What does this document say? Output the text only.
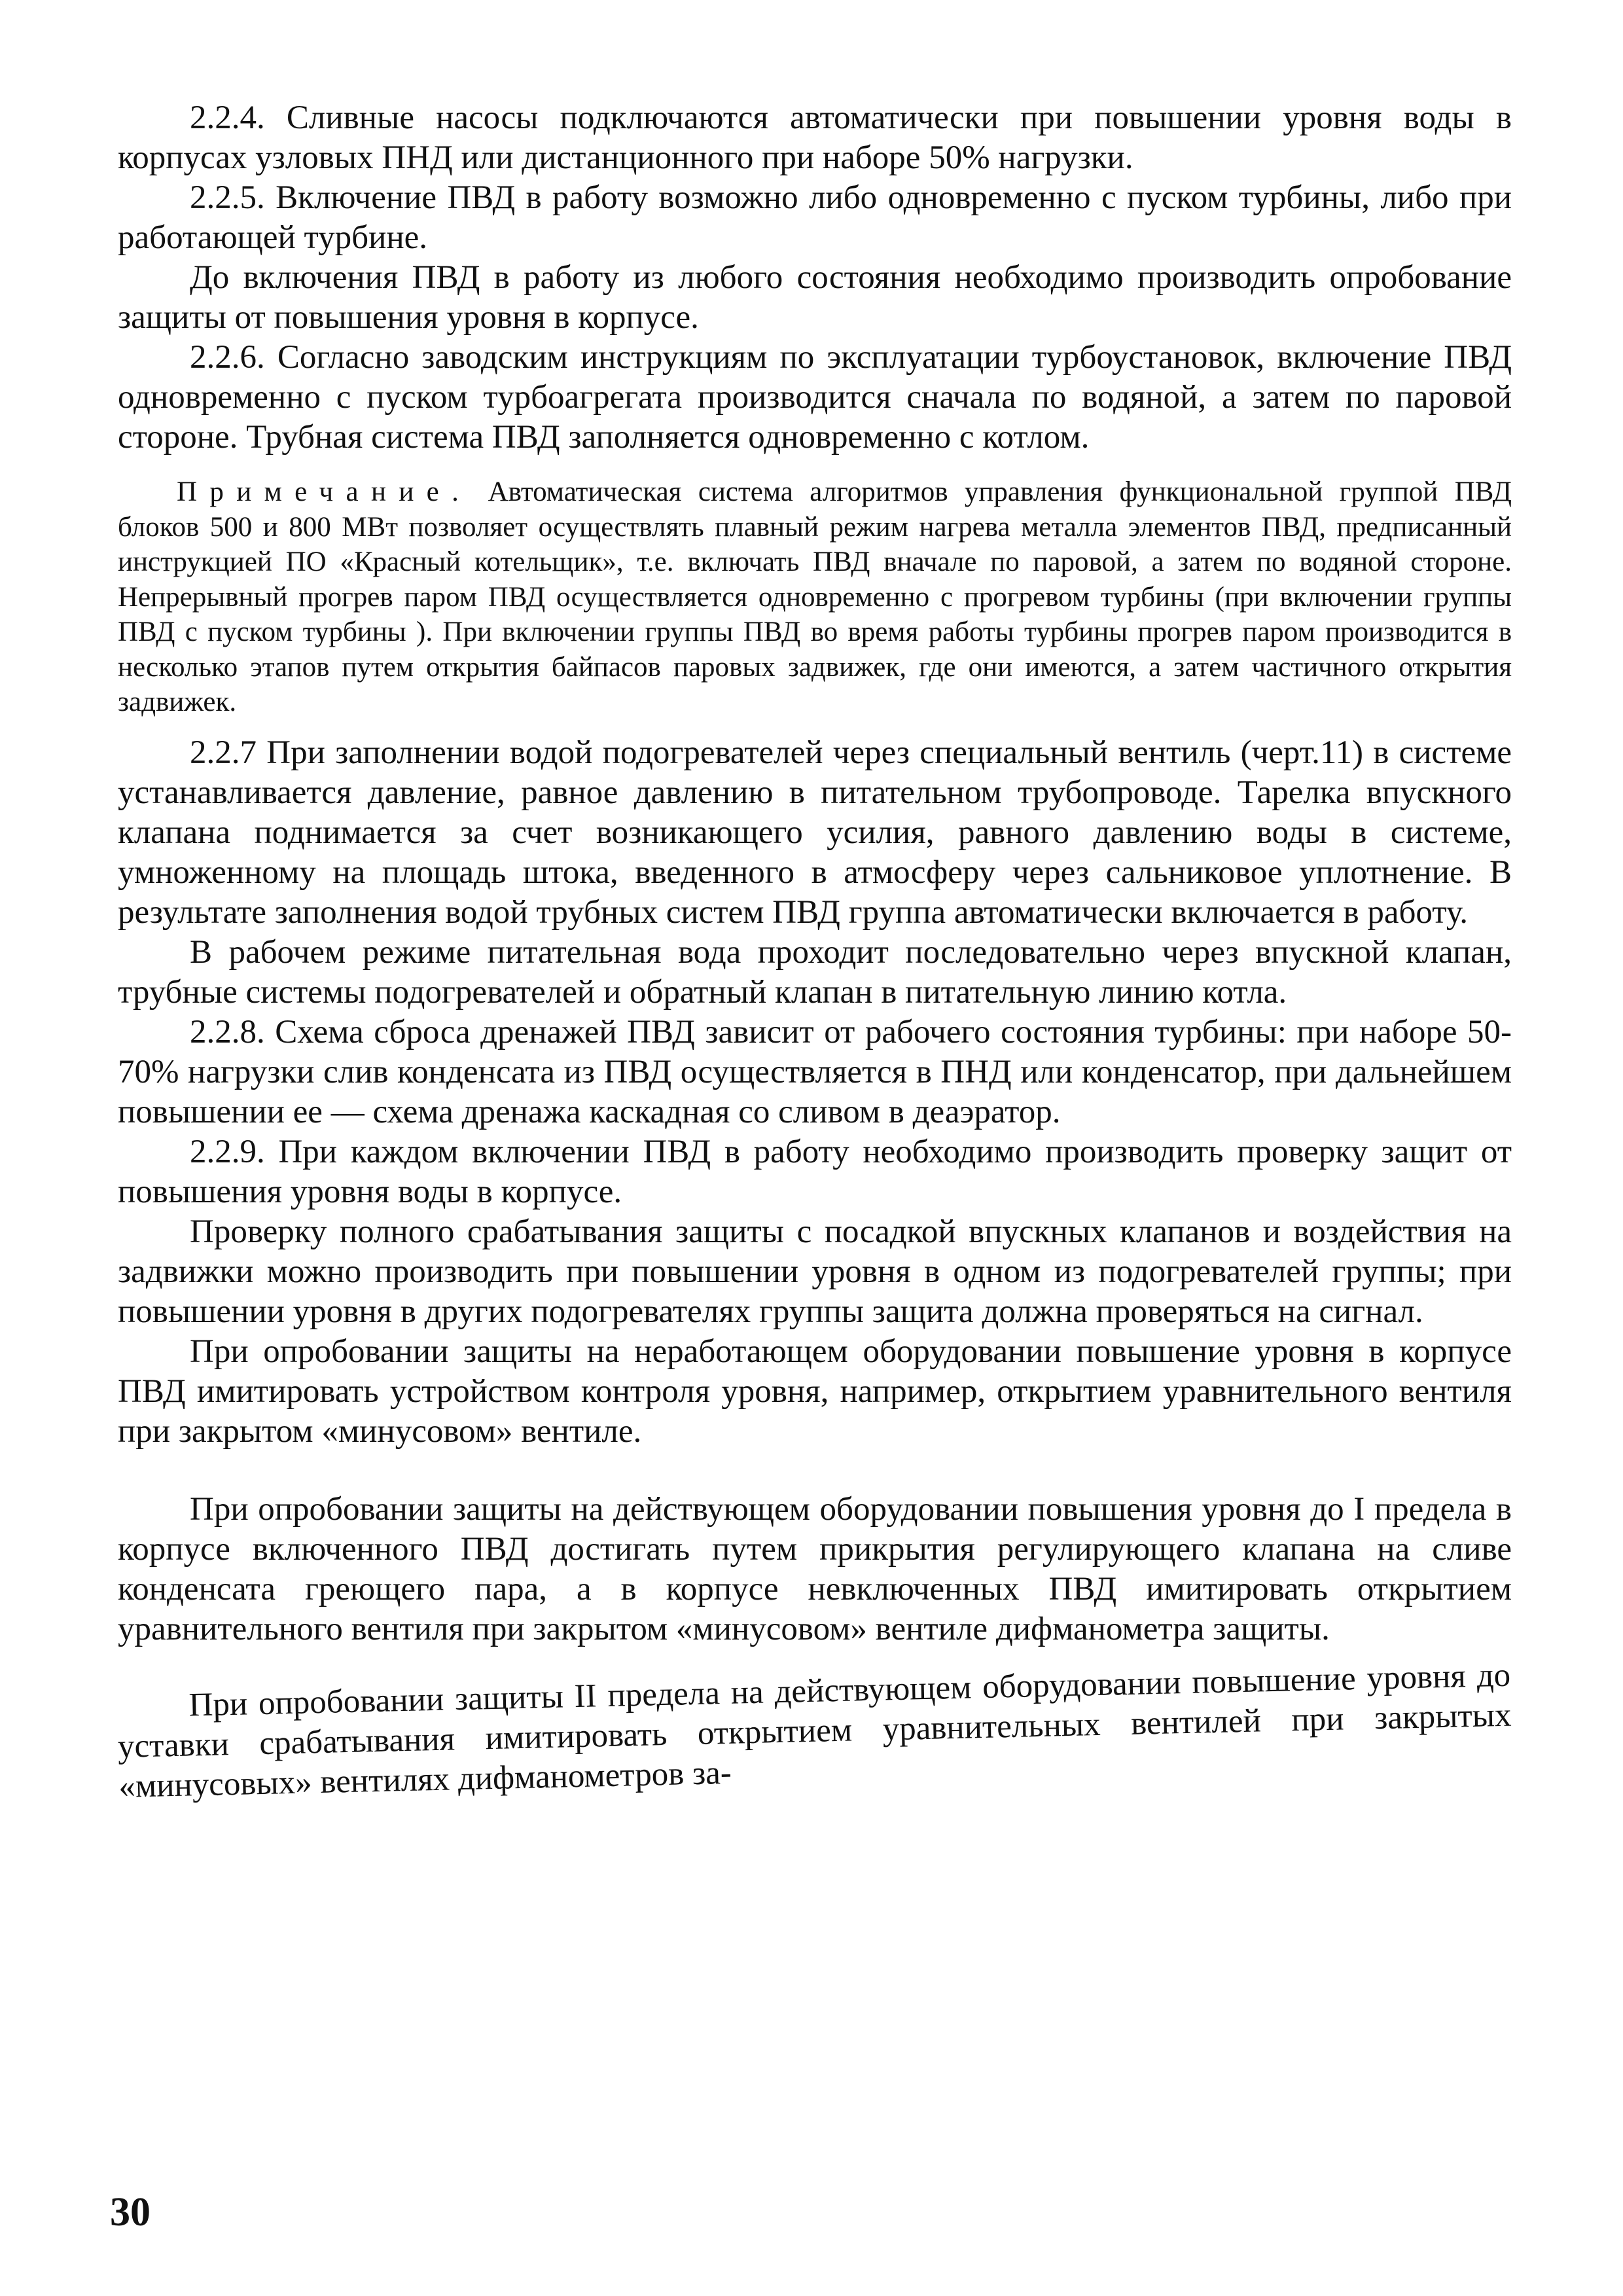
2.2.4. Сливные насосы подключаются автоматически при повышении уровня воды в корпусах узловых ПНД или дистанционного при наборе 50% нагрузки.

2.2.5. Включение ПВД в работу возможно либо одновременно с пуском турбины, либо при работающей турбине.

До включения ПВД в работу из любого состояния необходимо производить опробование защиты от повышения уровня в корпусе.

2.2.6. Согласно заводским инструкциям по эксплуатации турбоустановок, включение ПВД одновременно с пуском турбоагрегата производится сначала по водяной, а затем по паровой стороне. Трубная система ПВД заполняется одновременно с котлом.

Примечание. Автоматическая система алгоритмов управления функциональной группой ПВД блоков 500 и 800 МВт позволяет осуществлять плавный режим нагрева металла элементов ПВД, предписанный инструкцией ПО «Красный котельщик», т.е. включать ПВД вначале по паровой, а затем по водяной стороне. Непрерывный прогрев паром ПВД осуществляется одновременно с прогревом турбины (при включении группы ПВД с пуском турбины ). При включении группы ПВД во время работы турбины прогрев паром производится в несколько этапов путем открытия байпасов паровых задвижек, где они имеются, а затем частичного открытия задвижек.

2.2.7 При заполнении водой подогревателей через специальный вентиль (черт.11) в системе устанавливается давление, равное давлению в питательном трубопроводе. Тарелка впускного клапана поднимается за счет возникающего усилия, равного давлению воды в системе, умноженному на площадь штока, введенного в атмосферу через сальниковое уплотнение. В результате заполнения водой трубных систем ПВД группа автоматически включается в работу.

В рабочем режиме питательная вода проходит последовательно через впускной клапан, трубные системы подогревателей и обратный клапан в питательную линию котла.

2.2.8. Схема сброса дренажей ПВД зависит от рабочего состояния турбины: при наборе 50-70% нагрузки слив конденсата из ПВД осуществляется в ПНД или конденсатор, при дальнейшем повышении ее — схема дренажа каскадная со сливом в деаэратор.

2.2.9. При каждом включении ПВД в работу необходимо производить проверку защит от повышения уровня воды в корпусе.

Проверку полного срабатывания защиты с посадкой впускных клапанов и воздействия на задвижки можно производить при повышении уровня в одном из подогревателей группы; при повышении уровня в других подогревателях группы защита должна проверяться на сигнал.

При опробовании защиты на неработающем оборудовании повышение уровня в корпусе ПВД имитировать устройством контроля уровня, например, открытием уравнительного вентиля при закрытом «минусовом» вентиле.

При опробовании защиты на действующем оборудовании повышения уровня до I предела в корпусе включенного ПВД достигать путем прикрытия регулирующего клапана на сливе конденсата греющего пара, а в корпусе невключенных ПВД имитировать открытием уравнительного вентиля при закрытом «минусовом» вентиле дифманометра защиты.

При опробовании защиты II предела на действующем оборудовании повышение уровня до уставки срабатывания имитировать открытием уравнительных вентилей при закрытых «минусовых» вентилях дифманометров за-

30
